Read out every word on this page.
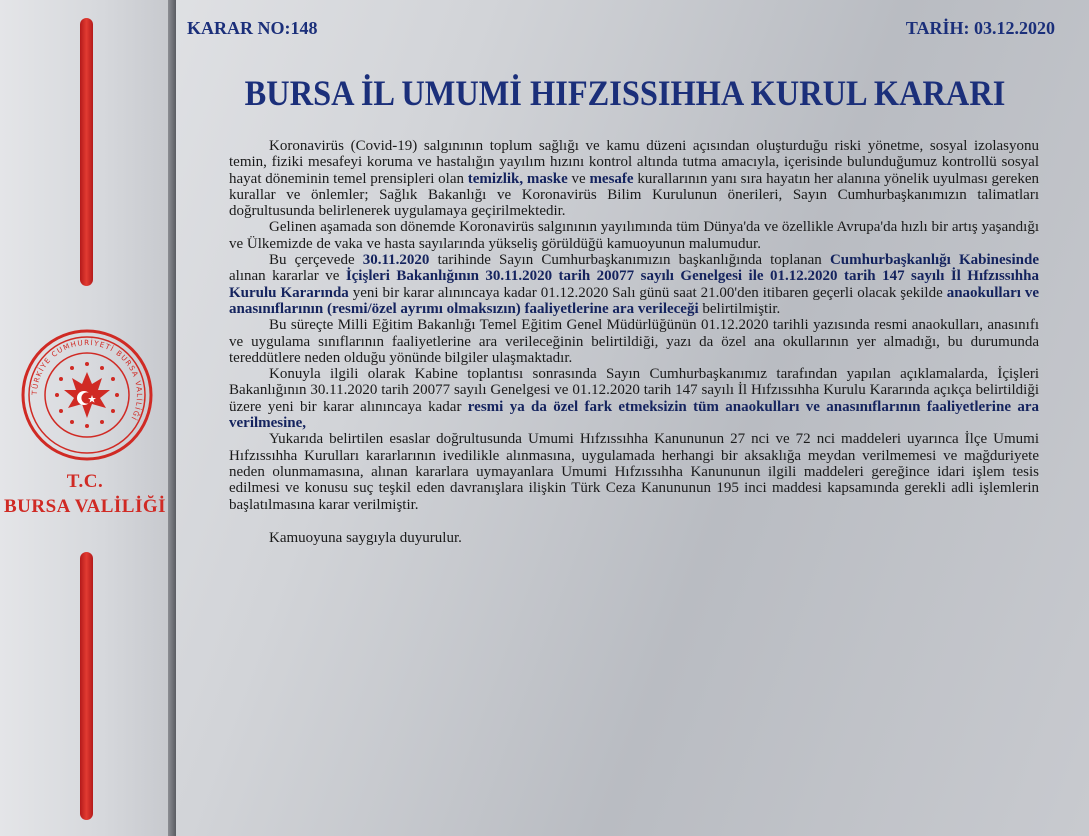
TÜRKİYE CUMHURİYETİ BURSA VALİLİĞİ
T.C.
BURSA VALİLİĞİ
KARAR NO:148	TARİH: 03.12.2020
BURSA İL UMUMİ HIFZISSIHHA KURUL KARARI

Koronavirüs (Covid-19) salgınının toplum sağlığı ve kamu düzeni açısından oluşturduğu riski yönetme, sosyal izolasyonu temin, fiziki mesafeyi koruma ve hastalığın yayılım hızını kontrol altında tutma amacıyla, içerisinde bulunduğumuz kontrollü sosyal hayat döneminin temel prensipleri olan temizlik, maske ve mesafe kurallarının yanı sıra hayatın her alanına yönelik uyulması gereken kurallar ve önlemler; Sağlık Bakanlığı ve Koronavirüs Bilim Kurulunun önerileri, Sayın Cumhurbaşkanımızın talimatları doğrultusunda belirlenerek uygulamaya geçirilmektedir.

Gelinen aşamada son dönemde Koronavirüs salgınının yayılımında tüm Dünya'da ve özellikle Avrupa'da hızlı bir artış yaşandığı ve Ülkemizde de vaka ve hasta sayılarında yükseliş görüldüğü kamuoyunun malumudur.

Bu çerçevede 30.11.2020 tarihinde Sayın Cumhurbaşkanımızın başkanlığında toplanan Cumhurbaşkanlığı Kabinesinde alınan kararlar ve İçişleri Bakanlığının 30.11.2020 tarih 20077 sayılı Genelgesi ile 01.12.2020 tarih 147 sayılı İl Hıfzıssıhha Kurulu Kararında yeni bir karar alınıncaya kadar 01.12.2020 Salı günü saat 21.00'den itibaren geçerli olacak şekilde anaokulları ve anasınıflarının (resmi/özel ayrımı olmaksızın) faaliyetlerine ara verileceği belirtilmiştir.

Bu süreçte Milli Eğitim Bakanlığı Temel Eğitim Genel Müdürlüğünün 01.12.2020 tarihli yazısında resmi anaokulları, anasınıfı ve uygulama sınıflarının faaliyetlerine ara verileceğinin belirtildiği, yazı da özel ana okullarının yer almadığı, bu durumunda tereddütlere neden olduğu yönünde bilgiler ulaşmaktadır.

Konuyla ilgili olarak Kabine toplantısı sonrasında Sayın Cumhurbaşkanımız tarafından yapılan açıklamalarda, İçişleri Bakanlığının 30.11.2020 tarih 20077 sayılı Genelgesi ve 01.12.2020 tarih 147 sayılı İl Hıfzıssıhha Kurulu Kararında açıkça belirtildiği üzere yeni bir karar alınıncaya kadar resmi ya da özel fark etmeksizin tüm anaokulları ve anasınıflarının faaliyetlerine ara verilmesine,

Yukarıda belirtilen esaslar doğrultusunda Umumi Hıfzıssıhha Kanununun 27 nci ve 72 nci maddeleri uyarınca İlçe Umumi Hıfzıssıhha Kurulları kararlarının ivedilikle alınmasına, uygulamada herhangi bir aksaklığa meydan verilmemesi ve mağduriyete neden olunmamasına, alınan kararlara uymayanlara Umumi Hıfzıssıhha Kanununun ilgili maddeleri gereğince idari işlem tesis edilmesi ve konusu suç teşkil eden davranışlara ilişkin Türk Ceza Kanununun 195 inci maddesi kapsamında gerekli adli işlemlerin başlatılmasına karar verilmiştir.

Kamuoyuna saygıyla duyurulur.
